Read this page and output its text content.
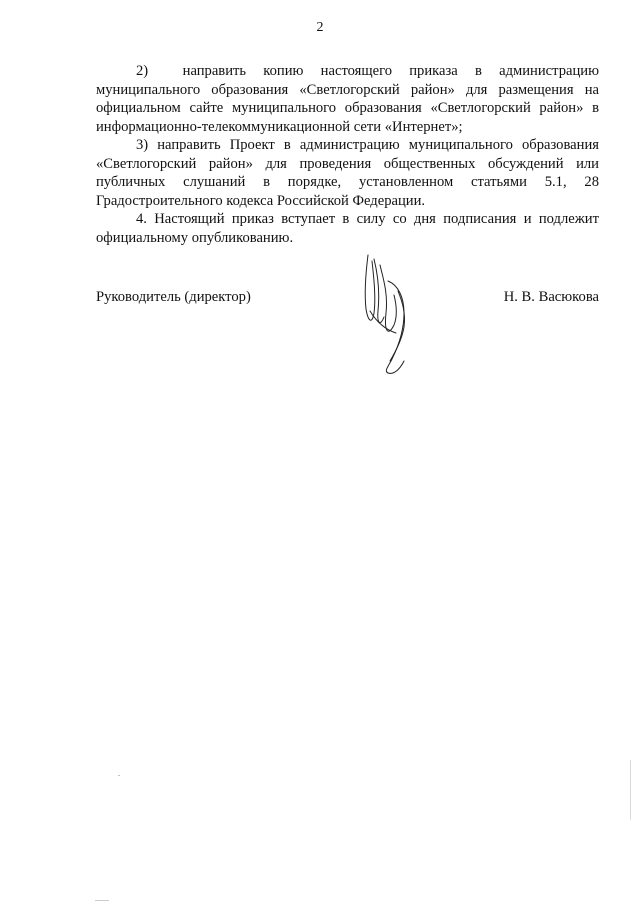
2

2)  направить копию настоящего приказа в администрацию муниципального образования «Светлогорский район» для размещения на официальном сайте муниципального образования «Светлогорский район» в информационно-телекоммуникационной сети «Интернет»;

3) направить Проект в администрацию муниципального образования «Светлогорский район» для проведения общественных обсуждений или публичных слушаний в порядке, установленном статьями 5.1, 28 Градостроительного кодекса Российской Федерации.

4. Настоящий приказ вступает в силу со дня подписания и подлежит официальному опубликованию.

Руководитель (директор)	Н. В. Васюкова
